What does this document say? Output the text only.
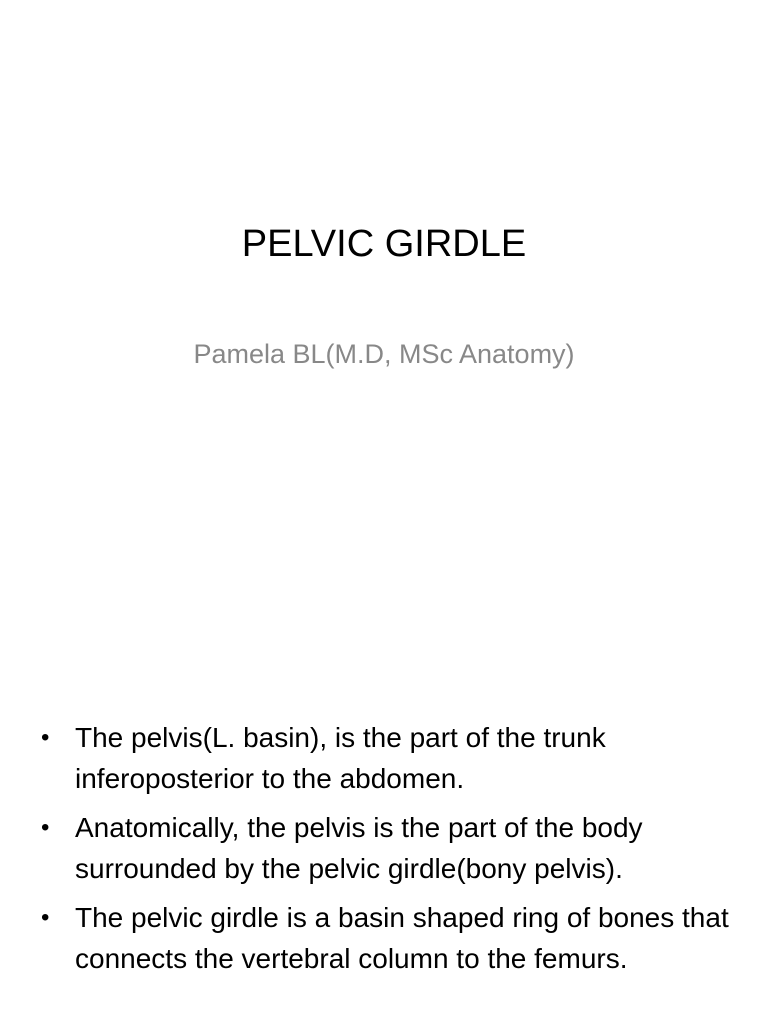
PELVIC GIRDLE
Pamela BL(M.D, MSc Anatomy)
• The pelvis(L. basin), is the part of the trunk inferoposterior to the abdomen.
• Anatomically, the pelvis is the part of the body surrounded by the pelvic girdle(bony pelvis).
• The pelvic girdle is a basin shaped ring of bones that connects the vertebral column to the femurs.
